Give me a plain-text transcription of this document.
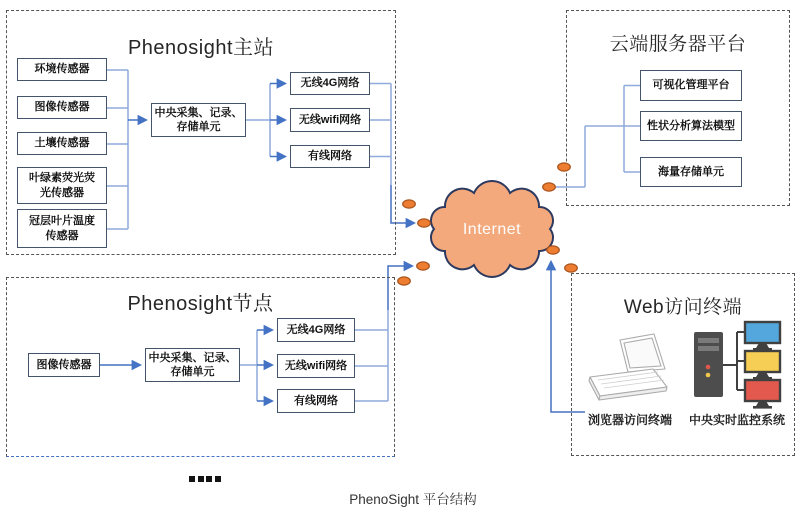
Phenosight主站
Phenosight节点
云端服务器平台
Web访问终端
环境传感器
图像传感器
土壤传感器
叶绿素荧光荧光传感器
冠层叶片温度传感器
中央采集、记录、存储单元
无线4G网络
无线wifi网络
有线网络
图像传感器
中央采集、记录、存储单元
无线4G网络
无线wifi网络
有线网络
可视化管理平台
性状分析算法模型
海量存储单元
Internet
浏览器访问终端	中央实时监控系统
PhenoSight 平台结构
